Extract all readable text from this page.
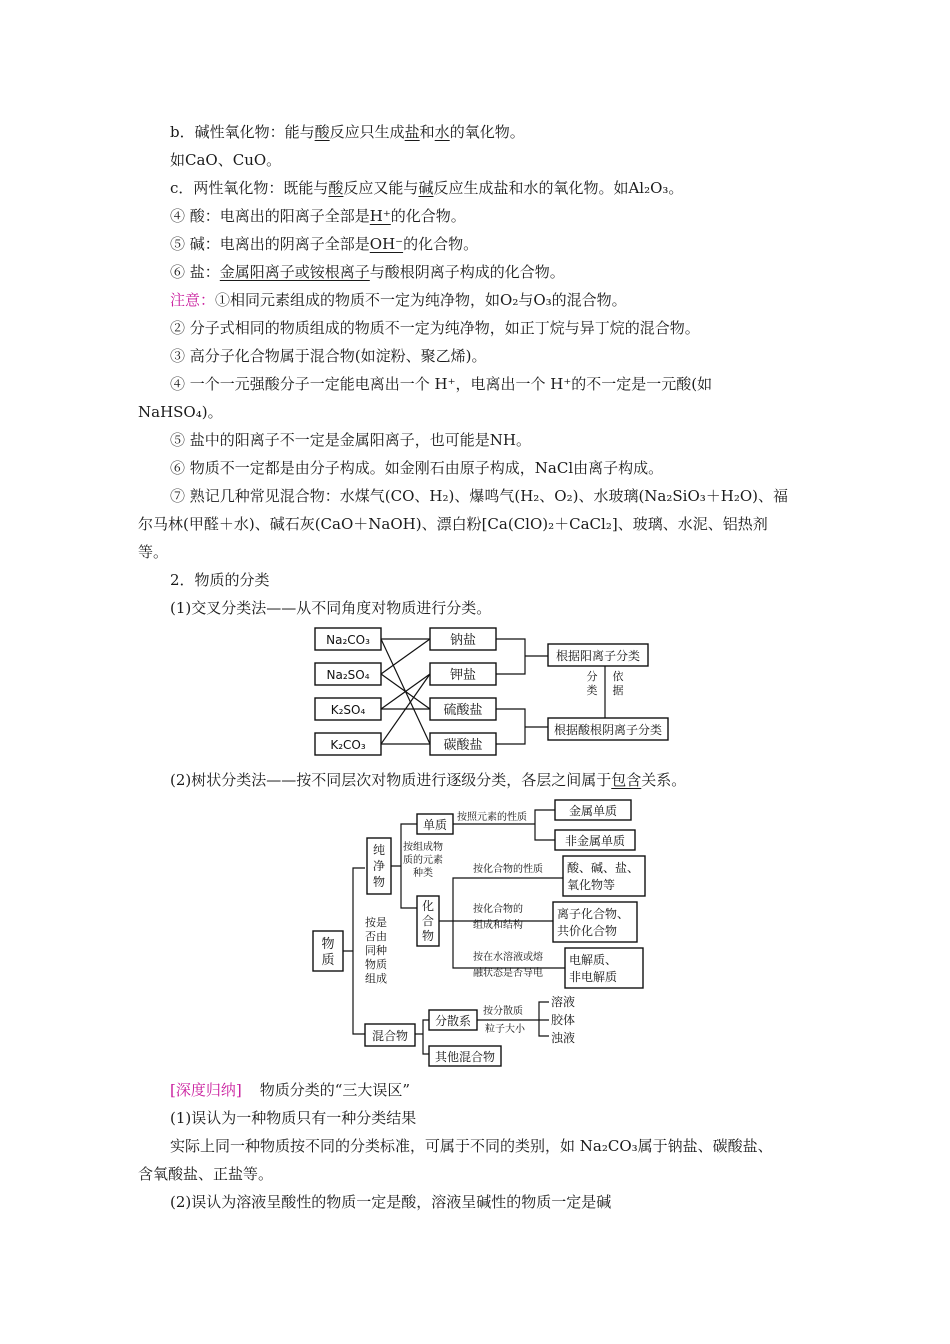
b．碱性氧化物：能与酸反应只生成盐和水的氧化物。
如CaO、CuO。
c．两性氧化物：既能与酸反应又能与碱反应生成盐和水的氧化物。如Al₂O₃。
④ 酸：电离出的阳离子全部是H⁺的化合物。
⑤ 碱：电离出的阴离子全部是OH⁻的化合物。
⑥ 盐：金属阳离子或铵根离子与酸根阴离子构成的化合物。
注意：①相同元素组成的物质不一定为纯净物，如O₂与O₃的混合物。
② 分子式相同的物质组成的物质不一定为纯净物，如正丁烷与异丁烷的混合物。
③ 高分子化合物属于混合物(如淀粉、聚乙烯)。
④ 一个一元强酸分子一定能电离出一个 H⁺，电离出一个 H⁺的不一定是一元酸(如
NaHSO₄)。
⑤ 盐中的阳离子不一定是金属阳离子，也可能是NH。
⑥ 物质不一定都是由分子构成。如金刚石由原子构成，NaCl由离子构成。
⑦ 熟记几种常见混合物：水煤气(CO、H₂)、爆鸣气(H₂、O₂)、水玻璃(Na₂SiO₃＋H₂O)、福
尔马林(甲醛＋水)、碱石灰(CaO＋NaOH)、漂白粉[Ca(ClO)₂＋CaCl₂]、玻璃、水泥、铝热剂
等。
2．物质的分类
(1)交叉分类法——从不同角度对物质进行分类。
Na₂CO₃
Na₂SO₄
K₂SO₄
K₂CO₃
钠盐
钾盐
硫酸盐
碳酸盐
根据阳离子分类
根据酸根阴离子分类
分
类
依
据
(2)树状分类法——按不同层次对物质进行逐级分类，各层之间属于包含关系。
物
质
按是
否由
同种
物质
组成
纯
净
物
按组成物
质的元素
种类
单质
按照元素的性质	金属单质
非金属单质
化
合
物
按化合物的性质 酸、碱、盐、
氧化物等
按化合物的
组成和结构
离子化合物、
共价化合物
按在水溶液或熔
融状态是否导电
电解质、
非电解质
混合物
分散系
其他混合物
按分散质
粒子大小
溶液
胶体
浊液
[深度归纳] 物质分类的“三大误区”
(1)误认为一种物质只有一种分类结果
实际上同一种物质按不同的分类标准，可属于不同的类别，如 Na₂CO₃属于钠盐、碳酸盐、
含氧酸盐、正盐等。
(2)误认为溶液呈酸性的物质一定是酸，溶液呈碱性的物质一定是碱
